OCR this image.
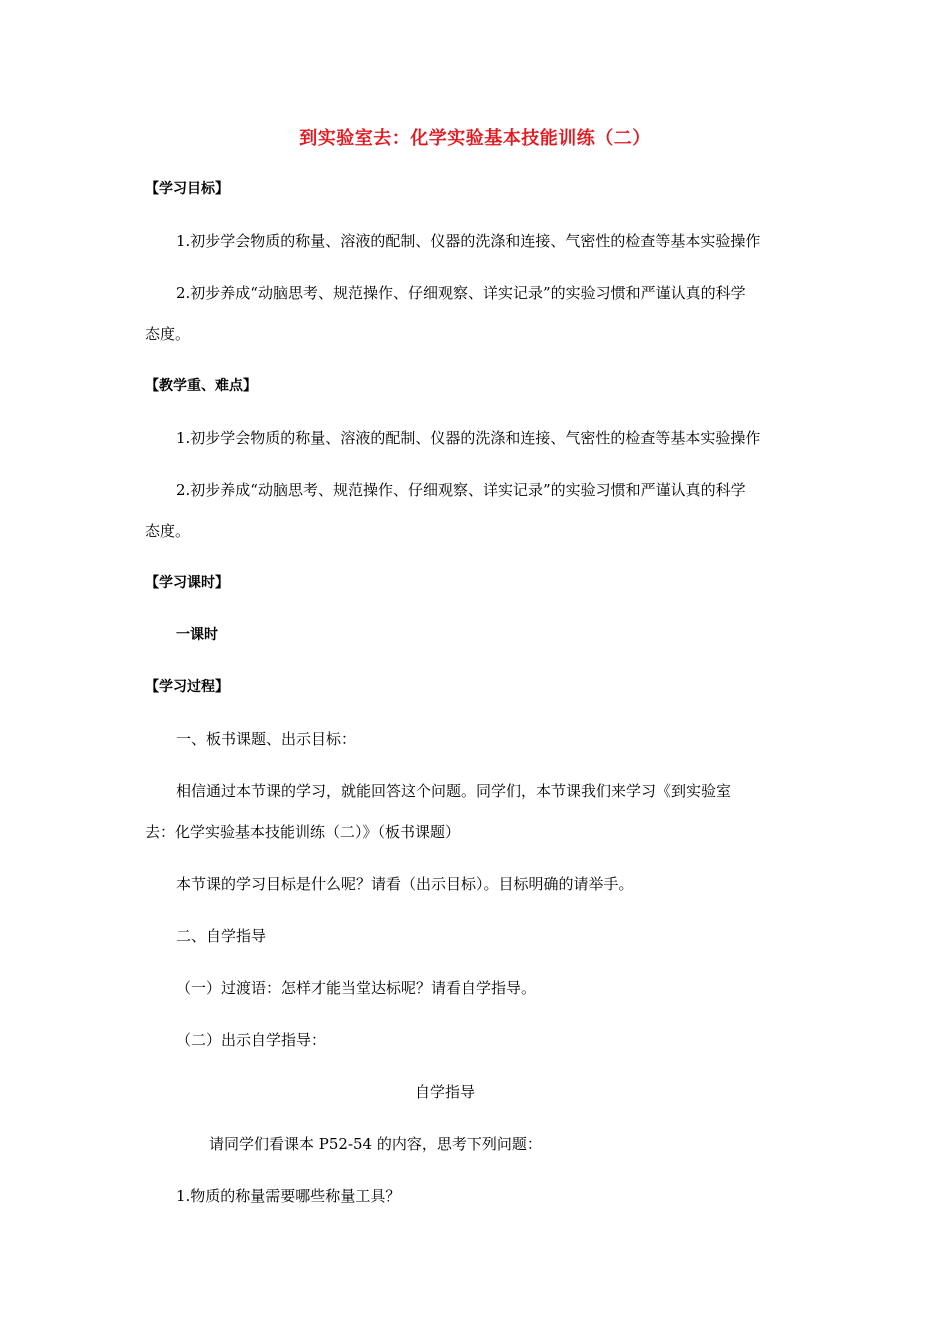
到实验室去：化学实验基本技能训练（二）
【学习目标】
1.初步学会物质的称量、溶液的配制、仪器的洗涤和连接、气密性的检查等基本实验操作
2.初步养成“动脑思考、规范操作、仔细观察、详实记录”的实验习惯和严谨认真的科学
态度。
【教学重、难点】
1.初步学会物质的称量、溶液的配制、仪器的洗涤和连接、气密性的检查等基本实验操作
2.初步养成“动脑思考、规范操作、仔细观察、详实记录”的实验习惯和严谨认真的科学
态度。
【学习课时】
一课时
【学习过程】
一、板书课题、出示目标：
相信通过本节课的学习，就能回答这个问题。同学们，本节课我们来学习《到实验室
去：化学实验基本技能训练（二）》（板书课题）
本节课的学习目标是什么呢？请看（出示目标）。目标明确的请举手。
二、自学指导
（一）过渡语：怎样才能当堂达标呢？请看自学指导。
（二）出示自学指导：
自学指导
请同学们看课本 P52-54 的内容，思考下列问题：
1.物质的称量需要哪些称量工具？
